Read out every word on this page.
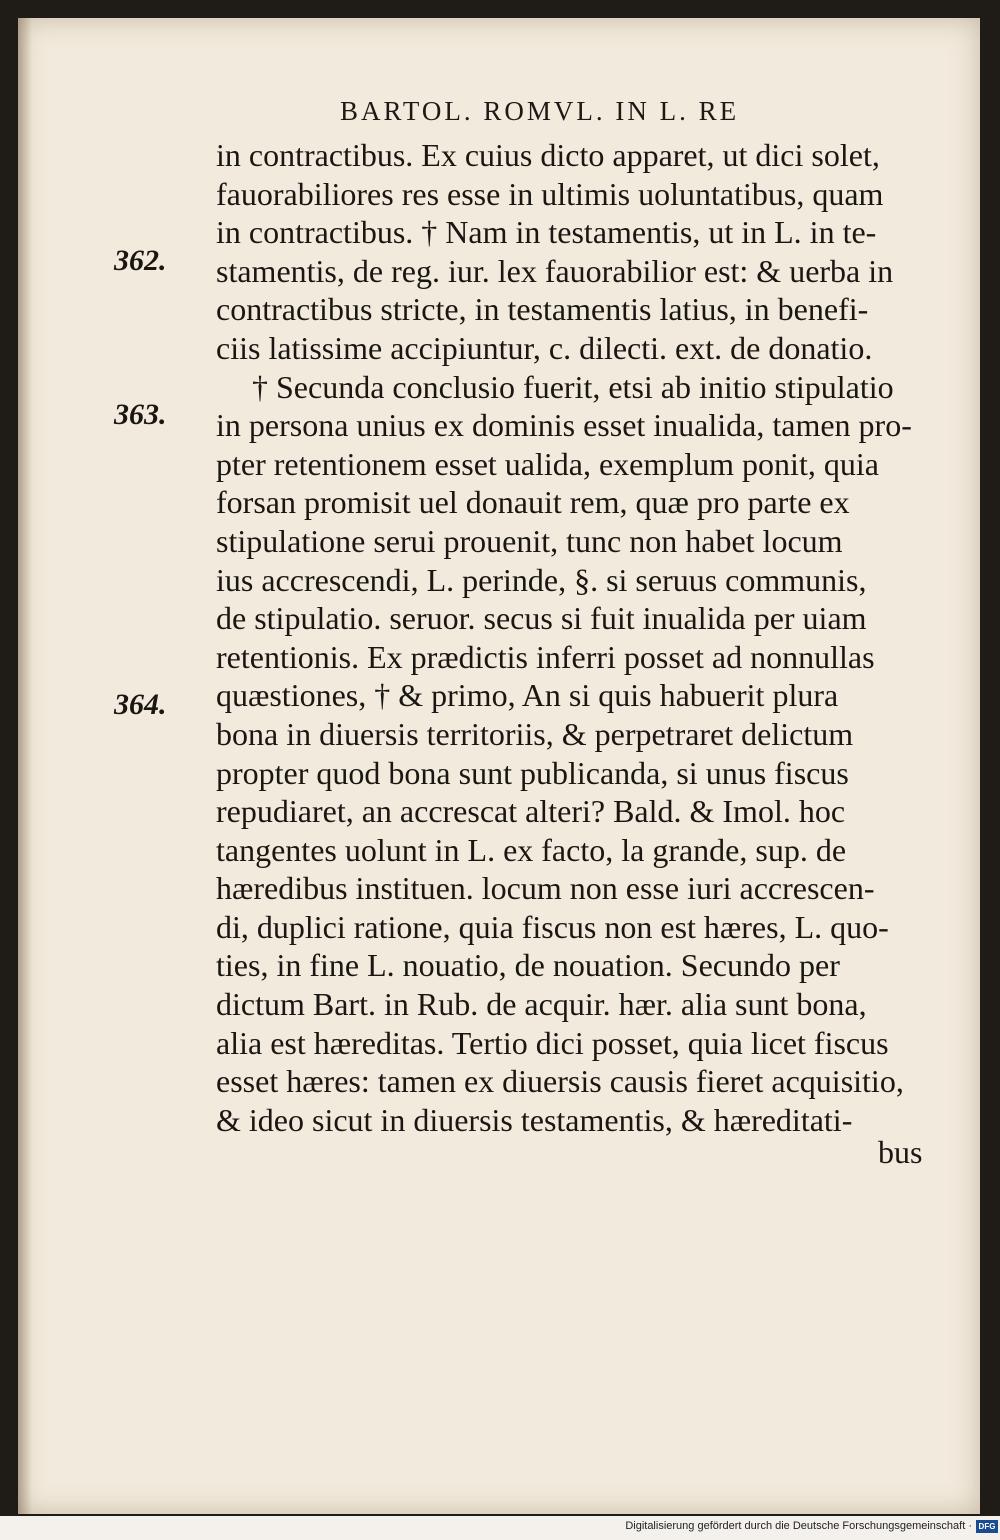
BARTOL. ROMVL. IN L. RE
362.
363.
364.
in contractibus. Ex cuius dicto apparet, ut dici solet,
fauorabiliores res esse in ultimis uoluntatibus, quam
in contractibus. † Nam in testamentis, ut in L. in te-
stamentis, de reg. iur. lex fauorabilior est: & uerba in
contractibus stricte, in testamentis latius, in benefi-
ciis latissime accipiuntur, c. dilecti. ext. de donatio.
† Secunda conclusio fuerit, etsi ab initio stipulatio
in persona unius ex dominis esset inualida, tamen pro-
pter retentionem esset ualida, exemplum ponit, quia
forsan promisit uel donauit rem, quæ pro parte ex
stipulatione serui prouenit, tunc non habet locum
ius accrescendi, L. perinde, §. si seruus communis,
de stipulatio. seruor. secus si fuit inualida per uiam
retentionis. Ex prædictis inferri posset ad nonnullas
quæstiones, † & primo, An si quis habuerit plura
bona in diuersis territoriis, & perpetraret delictum
propter quod bona sunt publicanda, si unus fiscus
repudiaret, an accrescat alteri? Bald. & Imol. hoc
tangentes uolunt in L. ex facto, la grande, sup. de
hæredibus instituen. locum non esse iuri accrescen-
di, duplici ratione, quia fiscus non est hæres, L. quo-
ties, in fine L. nouatio, de nouation. Secundo per
dictum Bart. in Rub. de acquir. hær. alia sunt bona,
alia est hæreditas. Tertio dici posset, quia licet fiscus
esset hæres: tamen ex diuersis causis fieret acquisitio,
& ideo sicut in diuersis testamentis, & hæreditati-
bus
Digitalisierung gefördert durch die Deutsche Forschungsgemeinschaft · DFG
